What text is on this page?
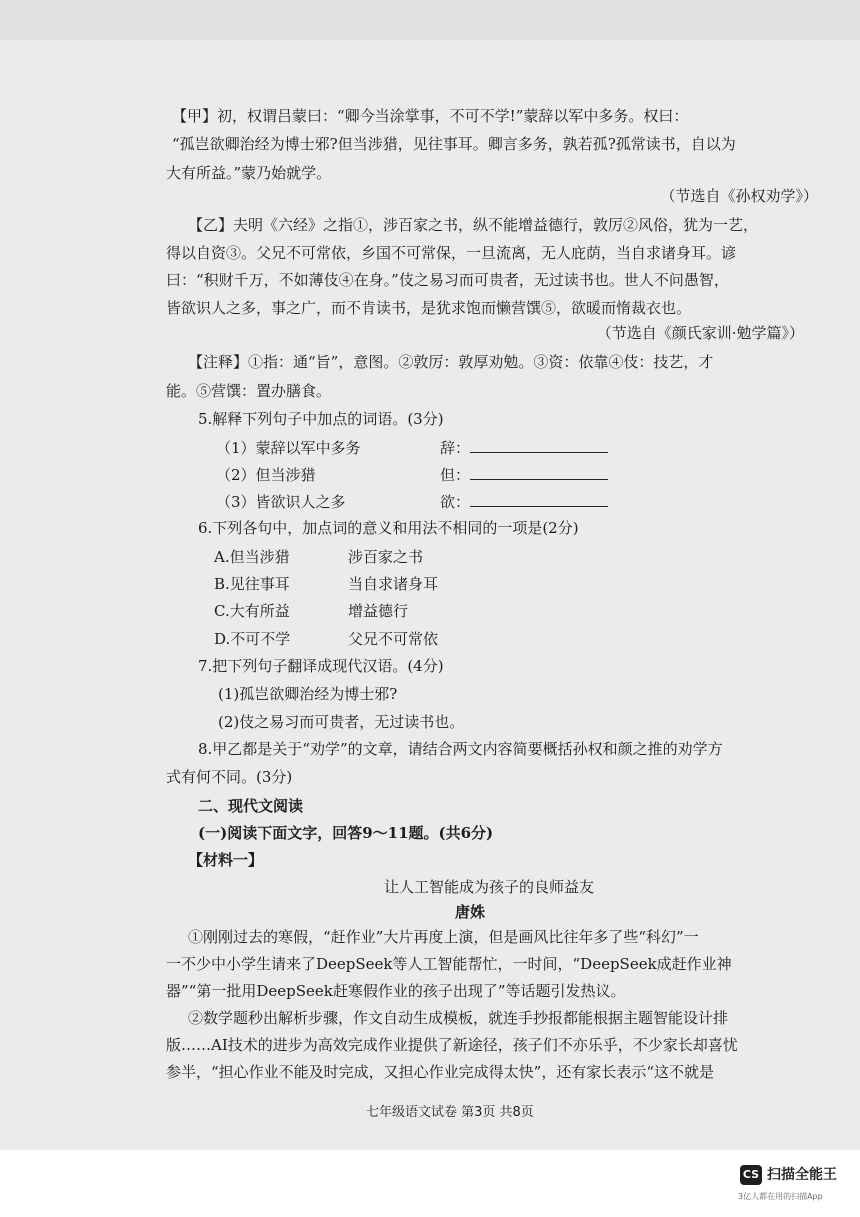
【甲】初，权谓吕蒙曰：“卿今当涂掌事，不可不学!”蒙辞以军中多务。权曰：
“孤岂欲卿治经为博士邪?但当涉猎，见往事耳。卿言多务，孰若孤?孤常读书，自以为
大有所益。”蒙乃始就学。
（节选自《孙权劝学》）
【乙】夫明《六经》之指①，涉百家之书，纵不能增益德行，敦厉②风俗，犹为一艺，
得以自资③。父兄不可常依，乡国不可常保，一旦流离，无人庇荫，当自求诸身耳。谚
曰：“积财千万，不如薄伎④在身。”伎之易习而可贵者，无过读书也。世人不问愚智，
皆欲识人之多，事之广，而不肯读书，是犹求饱而懒营馔⑤，欲暖而惰裁衣也。
（节选自《颜氏家训·勉学篇》）
【注释】①指：通“旨”，意图。②敦厉：敦厚劝勉。③资：依靠④伎：技艺，才
能。⑤营馔：置办膳食。
5.解释下列句子中加点的词语。(3分)
（1）蒙辞以军中多务	辞：
（2）但当涉猎	但：
（3）皆欲识人之多	欲：
6.下列各句中，加点词的意义和用法不相同的一项是(2分)
A.但当涉猎	涉百家之书
B.见往事耳	当自求诸身耳
C.大有所益	增益德行
D.不可不学	父兄不可常依
7.把下列句子翻译成现代汉语。(4分)
(1)孤岂欲卿治经为博士邪?
(2)伎之易习而可贵者，无过读书也。
8.甲乙都是关于“劝学”的文章，请结合两文内容简要概括孙权和颜之推的劝学方
式有何不同。(3分)
二、现代文阅读
(一)阅读下面文字，回答9～11题。(共6分)
【材料一】
让人工智能成为孩子的良师益友
唐姝
①刚刚过去的寒假，“赶作业”大片再度上演，但是画风比往年多了些“科幻”一
一不少中小学生请来了DeepSeek等人工智能帮忙，一时间，“DeepSeek成赶作业神
器”“第一批用DeepSeek赶寒假作业的孩子出现了”等话题引发热议。
②数学题秒出解析步骤，作文自动生成模板，就连手抄报都能根据主题智能设计排
版……AI技术的进步为高效完成作业提供了新途径，孩子们不亦乐乎，不少家长却喜忧
参半，“担心作业不能及时完成，又担心作业完成得太快”，还有家长表示“这不就是
七年级语文试卷 第3页 共8页
CS 扫描全能王
3亿人都在用的扫描App
